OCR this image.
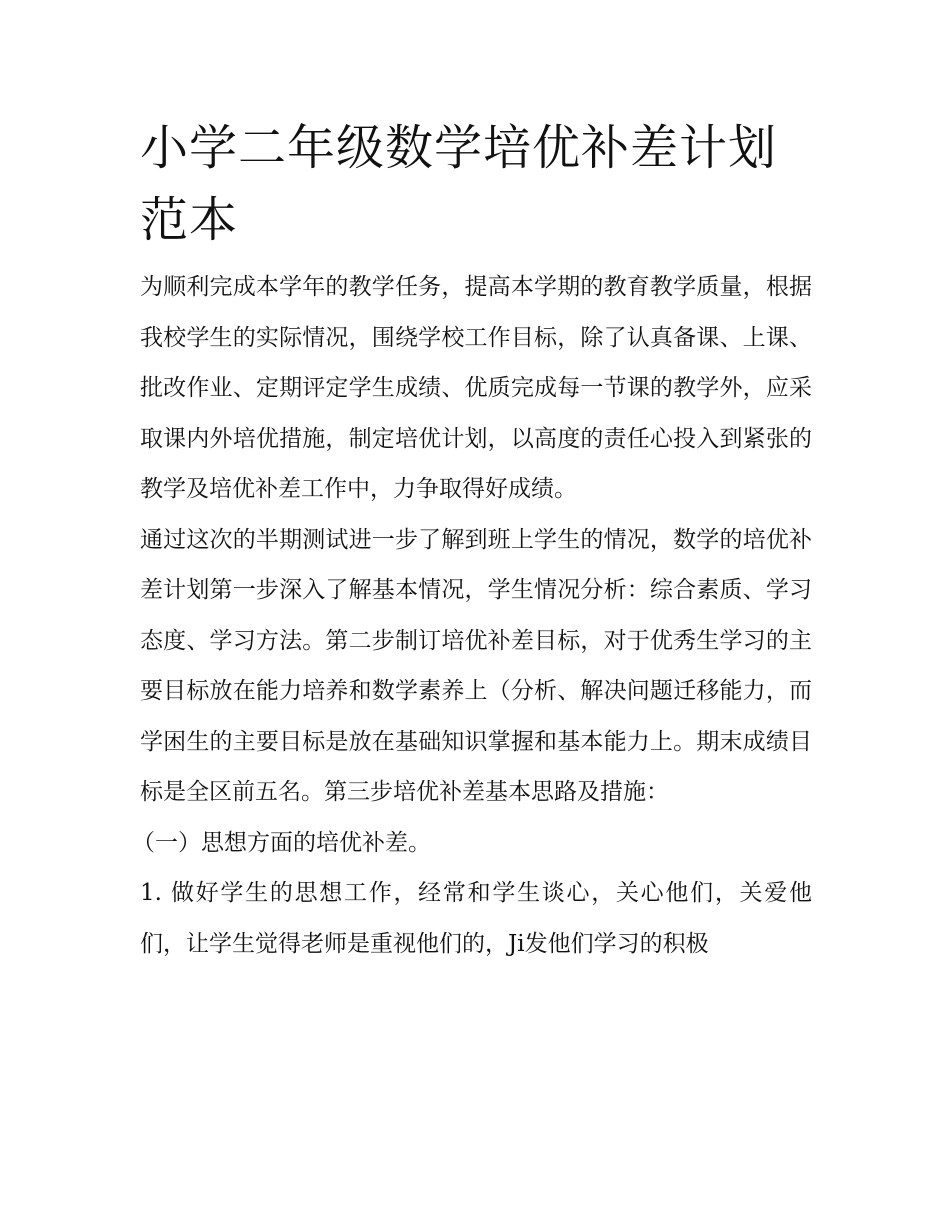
小学二年级数学培优补差计划范本

为顺利完成本学年的教学任务，提高本学期的教育教学质量，根据我校学生的实际情况，围绕学校工作目标，除了认真备课、上课、批改作业、定期评定学生成绩、优质完成每一节课的教学外，应采取课内外培优措施，制定培优计划，以高度的责任心投入到紧张的教学及培优补差工作中，力争取得好成绩。

通过这次的半期测试进一步了解到班上学生的情况，数学的培优补差计划第一步深入了解基本情况，学生情况分析：综合素质、学习态度、学习方法。第二步制订培优补差目标，对于优秀生学习的主要目标放在能力培养和数学素养上（分析、解决问题迁移能力，而学困生的主要目标是放在基础知识掌握和基本能力上。期末成绩目标是全区前五名。第三步培优补差基本思路及措施：

（一）思想方面的培优补差。

1. 做好学生的思想工作，经常和学生谈心，关心他们，关爱他们，让学生觉得老师是重视他们的，Ji发他们学习的积极
